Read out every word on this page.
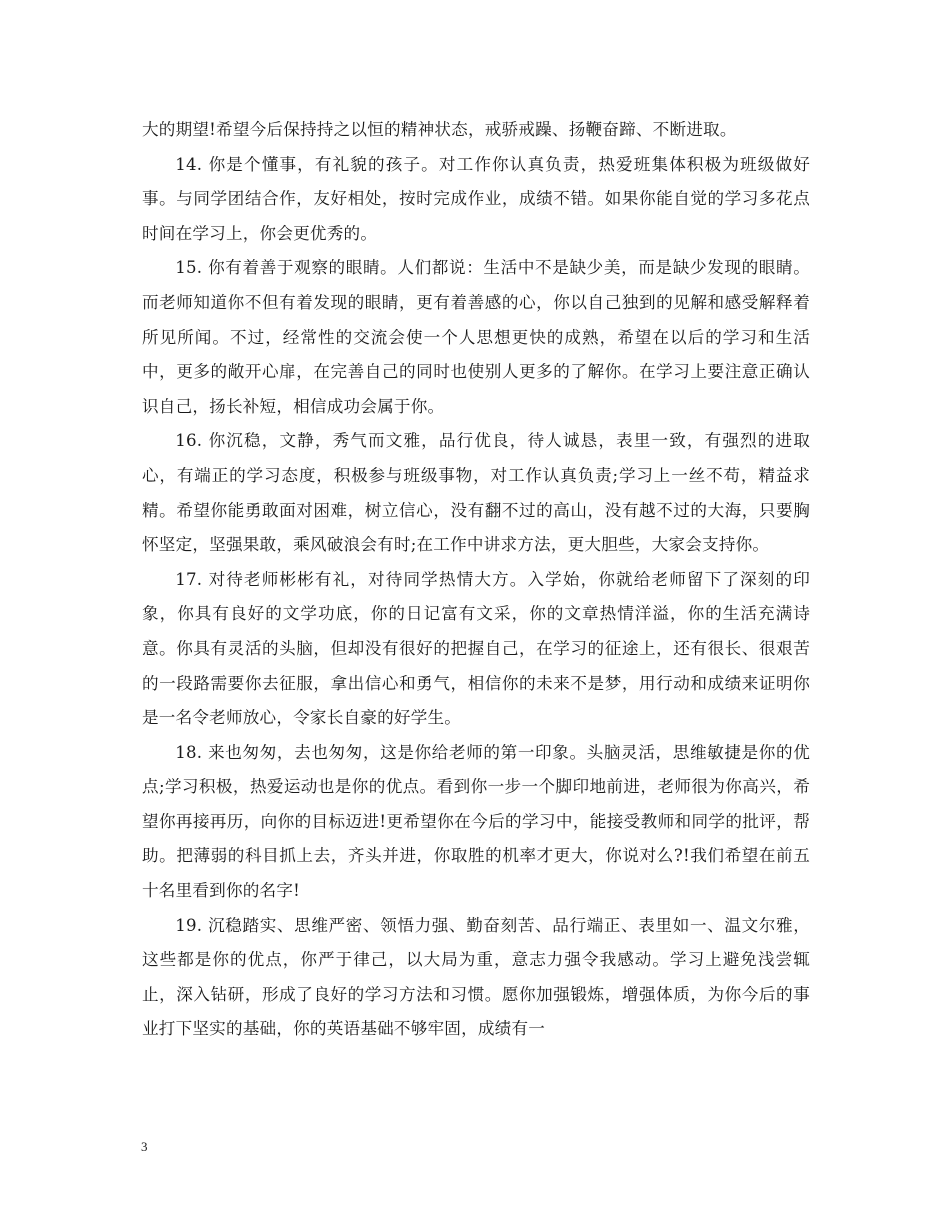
大的期望!希望今后保持持之以恒的精神状态，戒骄戒躁、扬鞭奋蹄、不断进取。

14. 你是个懂事，有礼貌的孩子。对工作你认真负责，热爱班集体积极为班级做好事。与同学团结合作，友好相处，按时完成作业，成绩不错。如果你能自觉的学习多花点时间在学习上，你会更优秀的。

15. 你有着善于观察的眼睛。人们都说：生活中不是缺少美，而是缺少发现的眼睛。而老师知道你不但有着发现的眼睛，更有着善感的心，你以自己独到的见解和感受解释着所见所闻。不过，经常性的交流会使一个人思想更快的成熟，希望在以后的学习和生活中，更多的敞开心扉，在完善自己的同时也使别人更多的了解你。在学习上要注意正确认识自己，扬长补短，相信成功会属于你。

16. 你沉稳，文静，秀气而文雅，品行优良，待人诚恳，表里一致，有强烈的进取心，有端正的学习态度，积极参与班级事物，对工作认真负责;学习上一丝不苟，精益求精。希望你能勇敢面对困难，树立信心，没有翻不过的高山，没有越不过的大海，只要胸怀坚定，坚强果敢，乘风破浪会有时;在工作中讲求方法，更大胆些，大家会支持你。

17. 对待老师彬彬有礼，对待同学热情大方。入学始，你就给老师留下了深刻的印象，你具有良好的文学功底，你的日记富有文采，你的文章热情洋溢，你的生活充满诗意。你具有灵活的头脑，但却没有很好的把握自己，在学习的征途上，还有很长、很艰苦的一段路需要你去征服，拿出信心和勇气，相信你的未来不是梦，用行动和成绩来证明你是一名令老师放心，令家长自豪的好学生。

18. 来也匆匆，去也匆匆，这是你给老师的第一印象。头脑灵活，思维敏捷是你的优点;学习积极，热爱运动也是你的优点。看到你一步一个脚印地前进，老师很为你高兴，希望你再接再历，向你的目标迈进!更希望你在今后的学习中，能接受教师和同学的批评，帮助。把薄弱的科目抓上去，齐头并进，你取胜的机率才更大，你说对么?!我们希望在前五十名里看到你的名字!

19. 沉稳踏实、思维严密、领悟力强、勤奋刻苦、品行端正、表里如一、温文尔雅，这些都是你的优点，你严于律己，以大局为重，意志力强令我感动。学习上避免浅尝辄止，深入钻研，形成了良好的学习方法和习惯。愿你加强锻炼，增强体质，为你今后的事业打下坚实的基础，你的英语基础不够牢固，成绩有一

3
